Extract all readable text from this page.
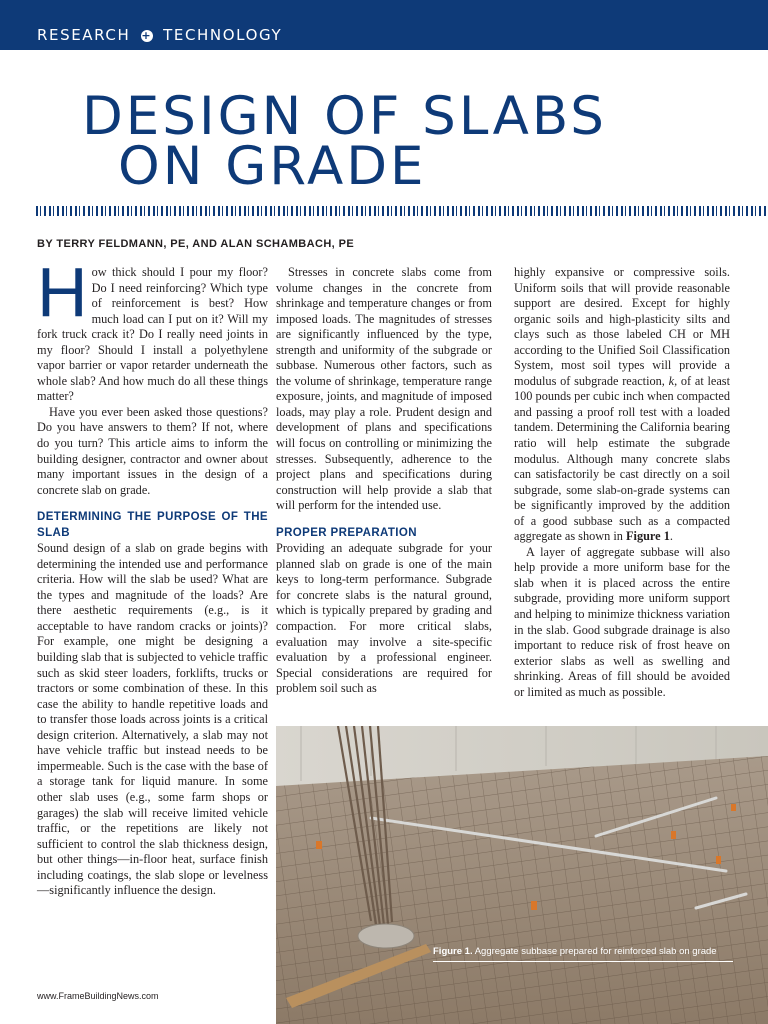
RESEARCH + TECHNOLOGY
DESIGN OF SLABS
ON GRADE
BY TERRY FELDMANN, PE, AND ALAN SCHAMBACH, PE

How thick should I pour my floor? Do I need reinforcing? Which type of reinforcement is best? How much load can I put on it? Will my fork truck crack it? Do I really need joints in my floor? Should I install a polyethylene vapor barrier or vapor retarder underneath the whole slab? And how much do all these things matter?

Have you ever been asked those questions? Do you have answers to them? If not, where do you turn? This article aims to inform the building designer, contractor and owner about many important issues in the design of a concrete slab on grade.

DETERMINING THE PURPOSE OF THE SLAB

Sound design of a slab on grade begins with determining the intended use and performance criteria. How will the slab be used? What are the types and magnitude of the loads? Are there aesthetic requirements (e.g., is it acceptable to have random cracks or joints)? For example, one might be designing a building slab that is subjected to vehicle traffic such as skid steer loaders, forklifts, trucks or tractors or some combination of these. In this case the ability to handle repetitive loads and to transfer those loads across joints is a critical design criterion. Alternatively, a slab may not have vehicle traffic but instead needs to be impermeable. Such is the case with the base of a storage tank for liquid manure. In some other slab uses (e.g., some farm shops or garages) the slab will receive limited vehicle traffic, or the repetitions are likely not sufficient to control the slab thickness design, but other things—in-floor heat, surface finish including coatings, the slab slope or levelness—significantly influence the design.

Stresses in concrete slabs come from volume changes in the concrete from shrinkage and temperature changes or from imposed loads. The magnitudes of stresses are significantly influenced by the type, strength and uniformity of the subgrade or subbase. Numerous other factors, such as the volume of shrinkage, temperature range exposure, joints, and magnitude of imposed loads, may play a role. Prudent design and development of plans and specifications will focus on controlling or minimizing the stresses. Subsequently, adherence to the project plans and specifications during construction will help provide a slab that will perform for the intended use.

PROPER PREPARATION

Providing an adequate subgrade for your planned slab on grade is one of the main keys to long-term performance. Subgrade for concrete slabs is the natural ground, which is typically prepared by grading and compaction. For more critical slabs, evaluation may involve a site-specific evaluation by a professional engineer. Special considerations are required for problem soil such as

highly expansive or compressive soils. Uniform soils that will provide reasonable support are desired. Except for highly organic soils and high-plasticity silts and clays such as those labeled CH or MH according to the Unified Soil Classification System, most soil types will provide a modulus of subgrade reaction, k, of at least 100 pounds per cubic inch when compacted and passing a proof roll test with a loaded tandem. Determining the California bearing ratio will help estimate the subgrade modulus. Although many concrete slabs can satisfactorily be cast directly on a soil subgrade, some slab-on-grade systems can be significantly improved by the addition of a good subbase such as a compacted aggregate as shown in Figure 1.

A layer of aggregate subbase will also help provide a more uniform base for the slab when it is placed across the entire subgrade, providing more uniform support and helping to minimize thickness variation in the slab. Good subgrade drainage is also important to reduce risk of frost heave on exterior slabs as well as swelling and shrinking. Areas of fill should be avoided or limited as much as possible.

Figure 1. Aggregate subbase prepared for reinforced slab on grade
www.FrameBuildingNews.com
